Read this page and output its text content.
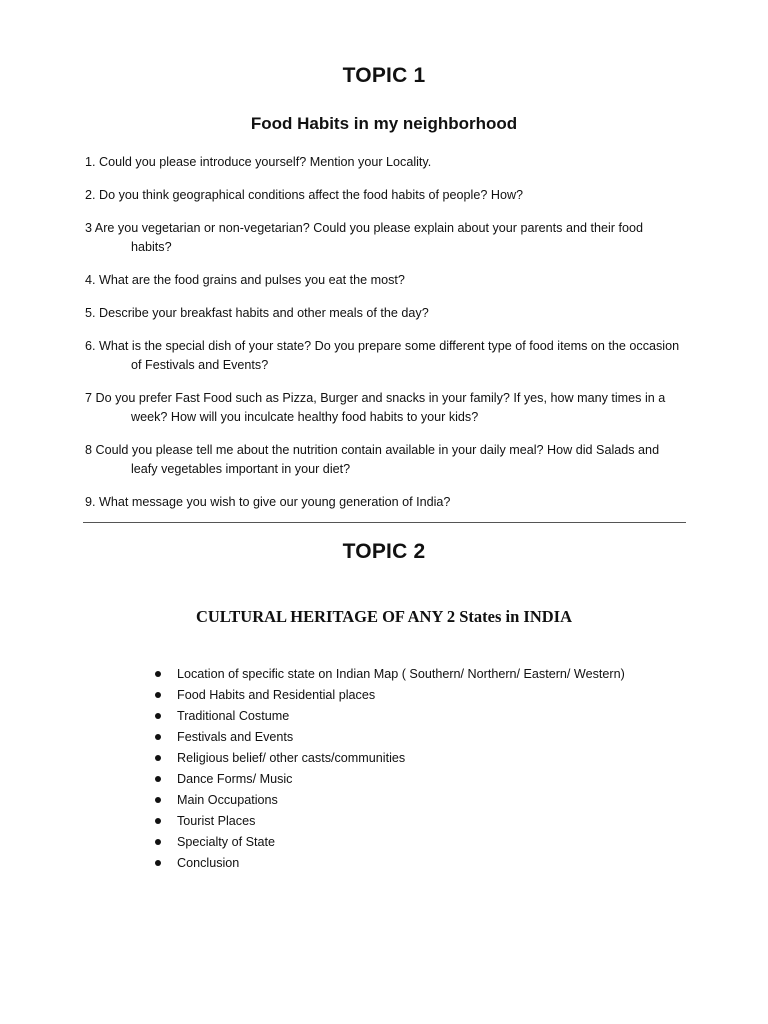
TOPIC 1
Food Habits in my neighborhood
1. Could you please introduce yourself? Mention your Locality.
2. Do you think geographical conditions affect the food habits of people? How?
3 Are you vegetarian or non-vegetarian? Could you please explain about your parents and their food habits?
4. What are the food grains and pulses you eat the most?
5. Describe your breakfast habits and other meals of the day?
6. What is the special dish of your state? Do you prepare some different type of food items on the occasion of Festivals and Events?
7 Do you prefer Fast Food such as Pizza, Burger and snacks in your family? If yes, how many times in a week? How will you inculcate healthy food habits to your kids?
8 Could you please tell me about the nutrition contain available in your daily meal? How did Salads and leafy vegetables important in your diet?
9. What message you wish to give our young generation of India?
TOPIC 2
CULTURAL HERITAGE OF ANY 2 States in INDIA
Location of specific state on Indian Map ( Southern/ Northern/ Eastern/ Western)
Food Habits and Residential places
Traditional Costume
Festivals and Events
Religious belief/ other casts/communities
Dance Forms/ Music
Main Occupations
Tourist Places
Specialty of State
Conclusion
